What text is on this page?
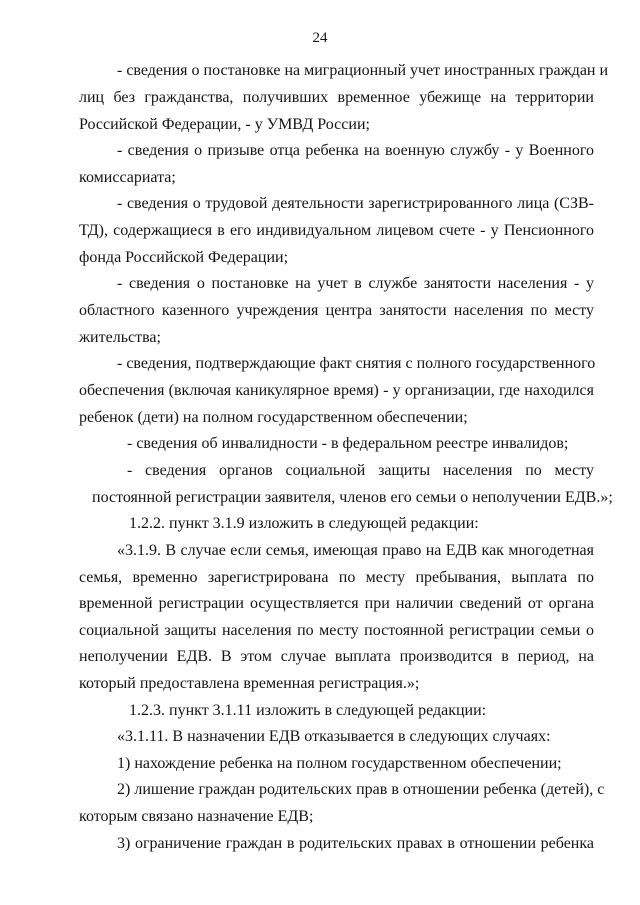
24
- сведения о постановке на миграционный учет иностранных граждан и
лиц без гражданства, получивших временное убежище на территории
Российской Федерации, - у УМВД России;
- сведения о призыве отца ребенка на военную службу - у Военного
комиссариата;
- сведения о трудовой деятельности зарегистрированного лица (СЗВ-
ТД), содержащиеся в его индивидуальном лицевом счете - у Пенсионного
фонда Российской Федерации;
- сведения о постановке на учет в службе занятости населения - у
областного казенного учреждения центра занятости населения по месту
жительства;
- сведения, подтверждающие факт снятия с полного государственного
обеспечения (включая каникулярное время) - у организации, где находился
ребенок (дети) на полном государственном обеспечении;
- сведения об инвалидности - в федеральном реестре инвалидов;
- сведения органов социальной защиты населения по месту
постоянной регистрации заявителя, членов его семьи о неполучении ЕДВ.»;
1.2.2. пункт 3.1.9 изложить в следующей редакции:
«3.1.9. В случае если семья, имеющая право на ЕДВ как многодетная
семья, временно зарегистрирована по месту пребывания, выплата по
временной регистрации осуществляется при наличии сведений от органа
социальной защиты населения по месту постоянной регистрации семьи о
неполучении ЕДВ. В этом случае выплата производится в период, на
который предоставлена временная регистрация.»;
1.2.3. пункт 3.1.11 изложить в следующей редакции:
«3.1.11. В назначении ЕДВ отказывается в следующих случаях:
1) нахождение ребенка на полном государственном обеспечении;
2) лишение граждан родительских прав в отношении ребенка (детей), с
которым связано назначение ЕДВ;
3) ограничение граждан в родительских правах в отношении ребенка
